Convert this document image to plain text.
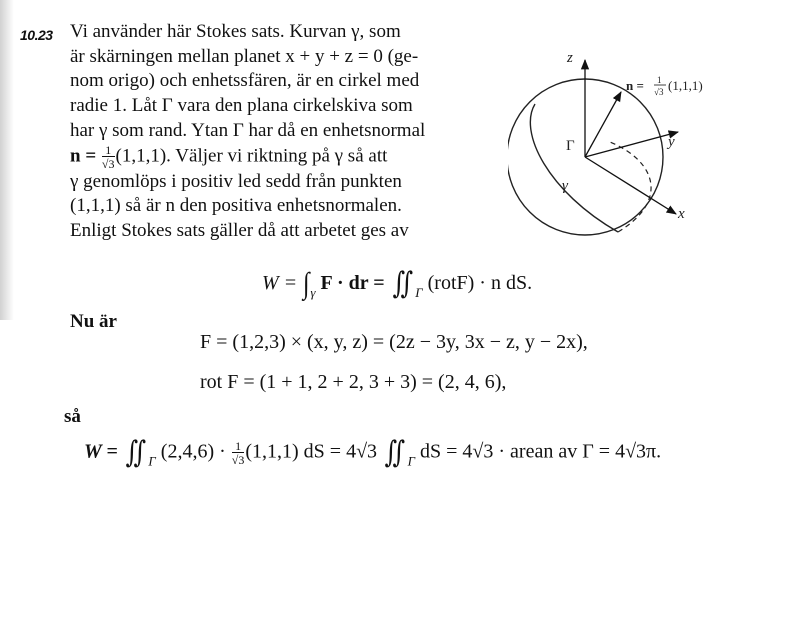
10.23 Vi använder här Stokes sats. Kurvan γ, som
är skärningen mellan planet x + y + z = 0 (ge-
nom origo) och enhetssfären, är en cirkel med
radie 1. Låt Γ vara den plana cirkelskiva som
har γ som rand. Ytan Γ har då en enhetsnormal
$n = \frac{1}{√3} (1,1,1)$. Väljer vi riktning på γ så att
γ genomlöps i positiv led sedd från punkten
(1,1,1) så är n den positiva enhetsnormalen.
Enligt Stokes sats gäller då att arbetet ges av
$W = \int_\gamma$ F · dr = ∬ $_\Gamma$ (rotF) · n dS.
Nu är
F = (1,2,3) × (x, y, z) = (2z − 3y, 3x − z, y − 2x),
rot F = (1 + 1, 2 + 2, 3 + 3) = (2, 4, 6),
så
W = ∬ $_\Gamma$ $(2,4,6) \cdot \frac{1}{√3} (1,1,1)$ dS = 4√3 ∬ $_\Gamma$ dS = 4√3 · arean av Γ = 4√3π.
z
y
x
Γ
γ
n = 1
√3 (1,1,1)
